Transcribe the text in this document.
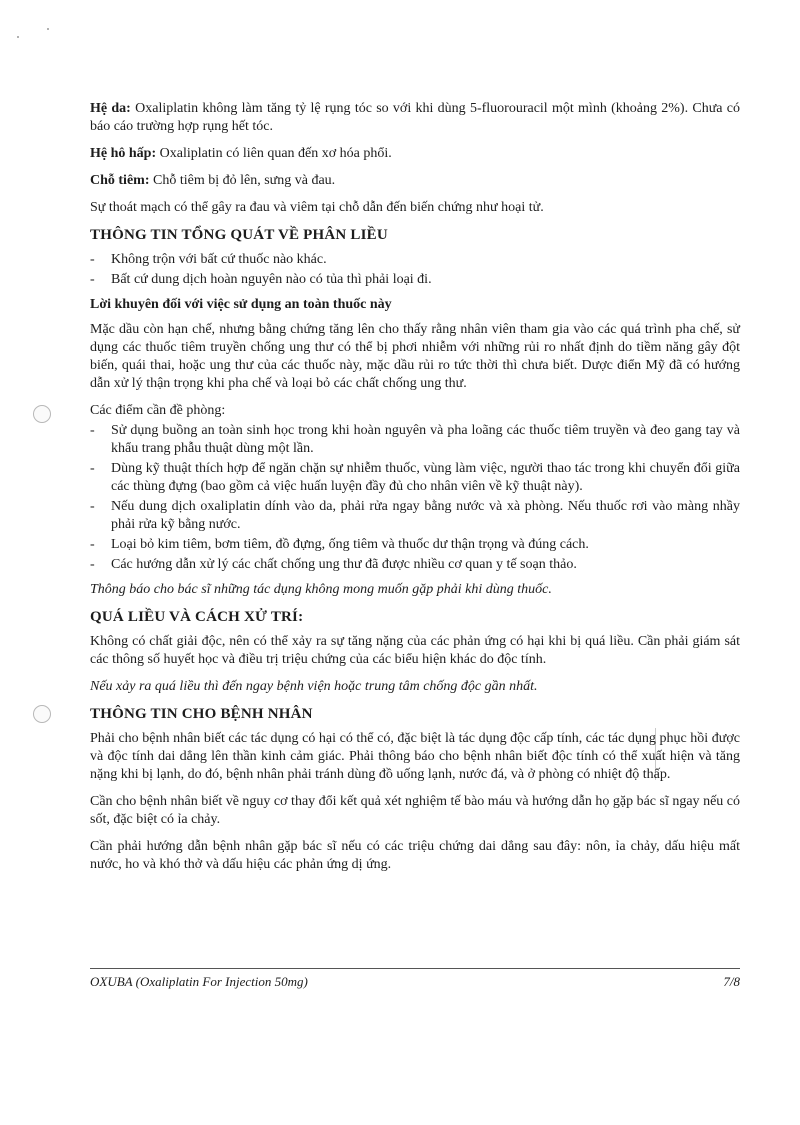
Hệ da: Oxaliplatin không làm tăng tỷ lệ rụng tóc so với khi dùng 5-fluorouracil một mình (khoảng 2%). Chưa có báo cáo trường hợp rụng hết tóc.

Hệ hô hấp: Oxaliplatin có liên quan đến xơ hóa phổi.

Chỗ tiêm: Chỗ tiêm bị đỏ lên, sưng và đau.

Sự thoát mạch có thể gây ra đau và viêm tại chỗ dẫn đến biến chứng như hoại tử.

THÔNG TIN TỔNG QUÁT VỀ PHÂN LIỀU
- Không trộn với bất cứ thuốc nào khác.
- Bất cứ dung dịch hoàn nguyên nào có tủa thì phải loại đi.
Lời khuyên đối với việc sử dụng an toàn thuốc này

Mặc dầu còn hạn chế, nhưng bằng chứng tăng lên cho thấy rằng nhân viên tham gia vào các quá trình pha chế, sử dụng các thuốc tiêm truyền chống ung thư có thể bị phơi nhiễm với những rủi ro nhất định do tiềm năng gây đột biến, quái thai, hoặc ung thư của các thuốc này, mặc dầu rủi ro tức thời thì chưa biết. Dược điển Mỹ đã có hướng dẫn xử lý thận trọng khi pha chế và loại bỏ các chất chống ung thư.

Các điểm cần đề phòng:

- Sử dụng buồng an toàn sinh học trong khi hoàn nguyên và pha loãng các thuốc tiêm truyền và đeo gang tay và khẩu trang phẫu thuật dùng một lần.
- Dùng kỹ thuật thích hợp để ngăn chặn sự nhiễm thuốc, vùng làm việc, người thao tác trong khi chuyển đổi giữa các thùng đựng (bao gồm cả việc huấn luyện đầy đủ cho nhân viên về kỹ thuật này).
- Nếu dung dịch oxaliplatin dính vào da, phải rửa ngay bằng nước và xà phòng. Nếu thuốc rơi vào màng nhầy phải rửa kỹ bằng nước.
- Loại bỏ kim tiêm, bơm tiêm, đồ đựng, ống tiêm và thuốc dư thận trọng và đúng cách.
- Các hướng dẫn xử lý các chất chống ung thư đã được nhiều cơ quan y tế soạn thảo.

Thông báo cho bác sĩ những tác dụng không mong muốn gặp phải khi dùng thuốc.

QUÁ LIỀU VÀ CÁCH XỬ TRÍ:

Không có chất giải độc, nên có thể xảy ra sự tăng nặng của các phản ứng có hại khi bị quá liều. Cần phải giám sát các thông số huyết học và điều trị triệu chứng của các biểu hiện khác do độc tính.

Nếu xảy ra quá liều thì đến ngay bệnh viện hoặc trung tâm chống độc gần nhất.

THÔNG TIN CHO BỆNH NHÂN

Phải cho bệnh nhân biết các tác dụng có hại có thể có, đặc biệt là tác dụng độc cấp tính, các tác dụng phục hồi được và độc tính dai dẳng lên thần kinh cảm giác. Phải thông báo cho bệnh nhân biết độc tính có thể xuất hiện và tăng nặng khi bị lạnh, do đó, bệnh nhân phải tránh dùng đồ uống lạnh, nước đá, và ở phòng có nhiệt độ thấp.

Cần cho bệnh nhân biết về nguy cơ thay đổi kết quả xét nghiệm tế bào máu và hướng dẫn họ gặp bác sĩ ngay nếu có sốt, đặc biệt có ỉa chảy.

Cần phải hướng dẫn bệnh nhân gặp bác sĩ nếu có các triệu chứng dai dẳng sau đây: nôn, ỉa chảy, dấu hiệu mất nước, ho và khó thở và dấu hiệu các phản ứng dị ứng.

OXUBA (Oxaliplatin For Injection 50mg)	7/8
